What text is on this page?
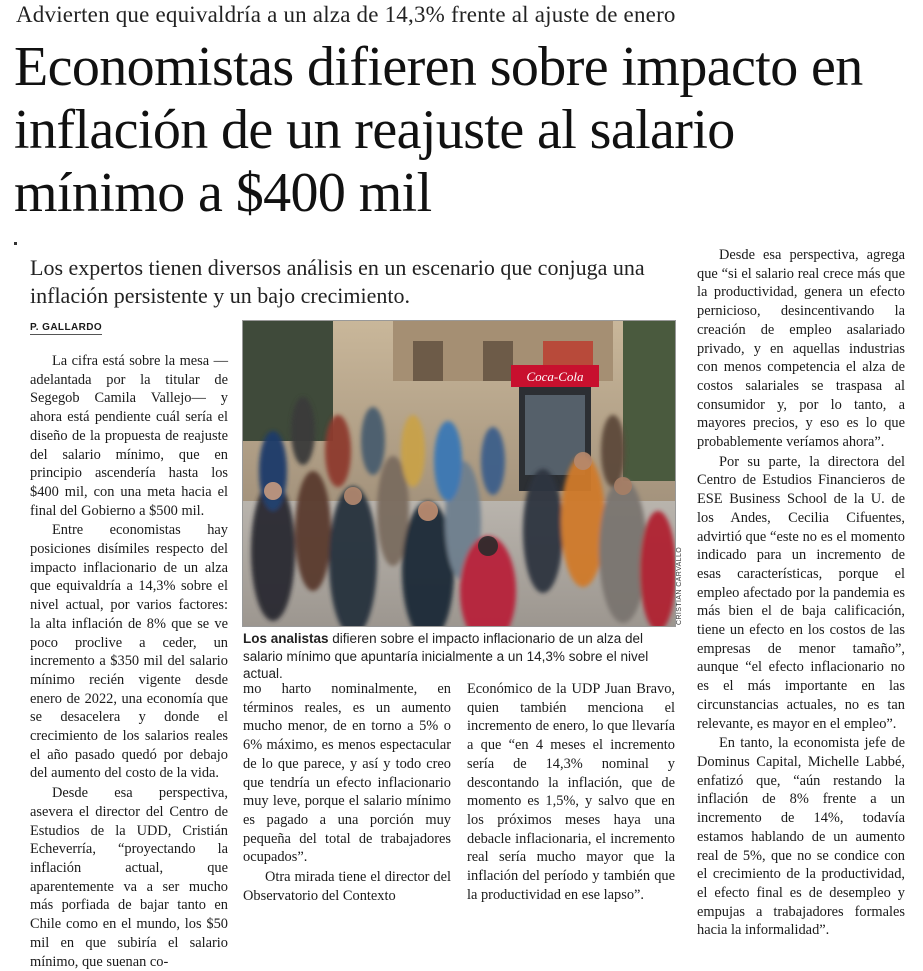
Advierten que equivaldría a un alza de 14,3% frente al ajuste de enero
Economistas difieren sobre impacto en inflación de un reajuste al salario mínimo a $400 mil
Los expertos tienen diversos análisis en un escenario que conjuga una inflación persistente y un bajo crecimiento.
P. GALLARDO

La cifra está sobre la mesa —adelantada por la titular de Segegob Camila Vallejo— y ahora está pendiente cuál sería el diseño de la propuesta de reajuste del salario mínimo, que en principio ascendería hasta los $400 mil, con una meta hacia el final del Gobierno a $500 mil.

Entre economistas hay posiciones disímiles respecto del impacto inflacionario de un alza que equivaldría a 14,3% sobre el nivel actual, por varios factores: la alta inflación de 8% que se ve poco proclive a ceder, un incremento a $350 mil del salario mínimo recién vigente desde enero de 2022, una economía que se desacelera y donde el crecimiento de los salarios reales el año pasado quedó por debajo del aumento del costo de la vida.

Desde esa perspectiva, asevera el director del Centro de Estudios de la UDD, Cristián Echeverría, “proyectando la inflación actual, que aparentemente va a ser mucho más porfiada de bajar tanto en Chile como en el mundo, los $50 mil en que subiría el salario mínimo, que suenan co-

Coca-Cola
CRISTIAN CARVALLO
Los analistas difieren sobre el impacto inflacionario de un alza del salario mínimo que apuntaría inicialmente a un 14,3% sobre el nivel actual.

mo harto nominalmente, en términos reales, es un aumento mucho menor, de en torno a 5% o 6% máximo, es menos espectacular de lo que parece, y así y todo creo que tendría un efecto inflacionario muy leve, porque el salario mínimo es pagado a una porción muy pequeña del total de trabajadores ocupados”.

Otra mirada tiene el director del Observatorio del Contexto

Económico de la UDP Juan Bravo, quien también menciona el incremento de enero, lo que llevaría a que “en 4 meses el incremento sería de 14,3% nominal y descontando la inflación, que de momento es 1,5%, y salvo que en los próximos meses haya una debacle inflacionaria, el incremento real sería mucho mayor que la inflación del período y también que la productividad en ese lapso”.

Desde esa perspectiva, agrega que “si el salario real crece más que la productividad, genera un efecto pernicioso, desincentivando la creación de empleo asalariado privado, y en aquellas industrias con menos competencia el alza de costos salariales se traspasa al consumidor y, por lo tanto, a mayores precios, y eso es lo que probablemente veríamos ahora”.

Por su parte, la directora del Centro de Estudios Financieros de ESE Business School de la U. de los Andes, Cecilia Cifuentes, advirtió que “este no es el momento indicado para un incremento de esas características, porque el empleo afectado por la pandemia es más bien el de baja calificación, tiene un efecto en los costos de las empresas de menor tamaño”, aunque “el efecto inflacionario no es el más importante en las circunstancias actuales, no es tan relevante, es mayor en el empleo”.

En tanto, la economista jefe de Dominus Capital, Michelle Labbé, enfatizó que, “aún restando la inflación de 8% frente a un incremento de 14%, todavía estamos hablando de un aumento real de 5%, que no se condice con el crecimiento de la productividad, el efecto final es de desempleo y empujas a trabajadores formales hacia la informalidad”.
